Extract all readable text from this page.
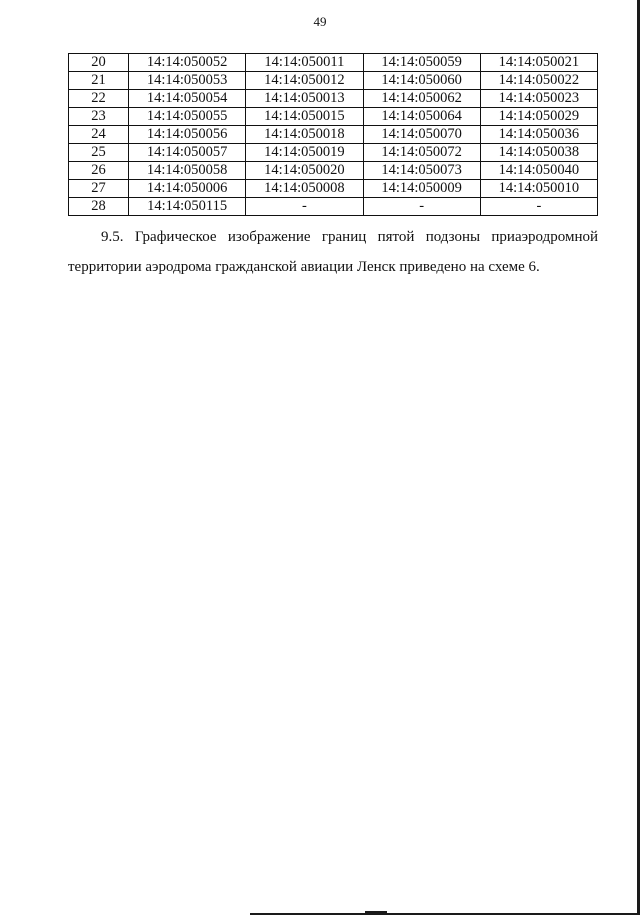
49
20	14:14:050052	14:14:050011	14:14:050059	14:14:050021
21	14:14:050053	14:14:050012	14:14:050060	14:14:050022
22	14:14:050054	14:14:050013	14:14:050062	14:14:050023
23	14:14:050055	14:14:050015	14:14:050064	14:14:050029
24	14:14:050056	14:14:050018	14:14:050070	14:14:050036
25	14:14:050057	14:14:050019	14:14:050072	14:14:050038
26	14:14:050058	14:14:050020	14:14:050073	14:14:050040
27	14:14:050006	14:14:050008	14:14:050009	14:14:050010
28	14:14:050115	-	-	-

9.5. Графическое изображение границ пятой подзоны приаэродромной территории аэродрома гражданской авиации Ленск приведено на схеме 6.
